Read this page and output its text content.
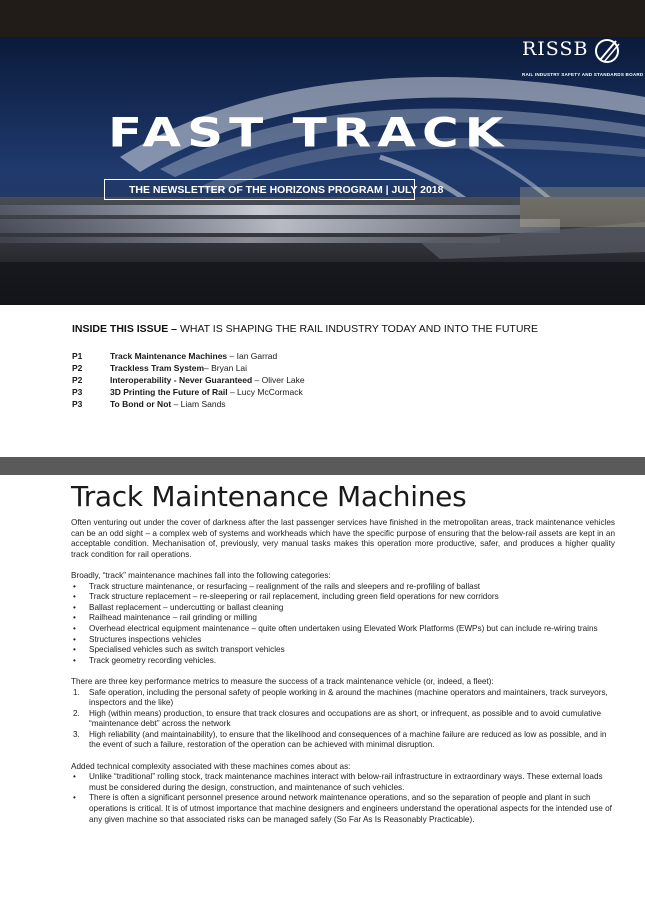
RISSB
RAIL INDUSTRY SAFETY AND STANDARDS BOARD
FAST TRACK
THE NEWSLETTER OF THE HORIZONS PROGRAM | JULY 2018
INSIDE THIS ISSUE – WHAT IS SHAPING THE RAIL INDUSTRY TODAY AND INTO THE FUTURE
P1	Track Maintenance Machines – Ian Garrad
P2	Trackless Tram System– Bryan Lai
P2	Interoperability - Never Guaranteed – Oliver Lake
P3	3D Printing the Future of Rail – Lucy McCormack
P3	To Bond or Not – Liam Sands
Track Maintenance Machines

Often venturing out under the cover of darkness after the last passenger services have finished in the metropolitan areas, track maintenance vehicles can be an odd sight – a complex web of systems and workheads which have the specific purpose of ensuring that the below-rail assets are kept in an acceptable condition. Mechanisation of, previously, very manual tasks makes this operation more productive, safer, and produces a higher quality track condition for rail operations.

Broadly, “track” maintenance machines fall into the following categories:

• Track structure maintenance, or resurfacing – realignment of the rails and sleepers and re-profiling of ballast
• Track structure replacement – re-sleepering or rail replacement, including green field operations for new corridors
• Ballast replacement – undercutting or ballast cleaning
• Railhead maintenance – rail grinding or milling
• Overhead electrical equipment maintenance – quite often undertaken using Elevated Work Platforms (EWPs) but can include re-wiring trains
• Structures inspections vehicles
• Specialised vehicles such as switch transport vehicles
• Track geometry recording vehicles.

There are three key performance metrics to measure the success of a track maintenance vehicle (or, indeed, a fleet):

1. Safe operation, including the personal safety of people working in & around the machines (machine operators and maintainers, track surveyors, inspectors and the like)
2. High (within means) production, to ensure that track closures and occupations are as short, or infrequent, as possible and to avoid cumulative “maintenance debt” across the network
3. High reliability (and maintainability), to ensure that the likelihood and consequences of a machine failure are reduced as low as possible, and in the event of such a failure, restoration of the operation can be achieved with minimal disruption.

Added technical complexity associated with these machines comes about as:

• Unlike “traditional” rolling stock, track maintenance machines interact with below-rail infrastructure in extraordinary ways. These external loads must be considered during the design, construction, and maintenance of such vehicles.
• There is often a significant personnel presence around network maintenance operations, and so the separation of people and plant in such operations is critical. It is of utmost importance that machine designers and engineers understand the operational aspects for the intended use of any given machine so that associated risks can be managed safely (So Far As Is Reasonably Practicable).
